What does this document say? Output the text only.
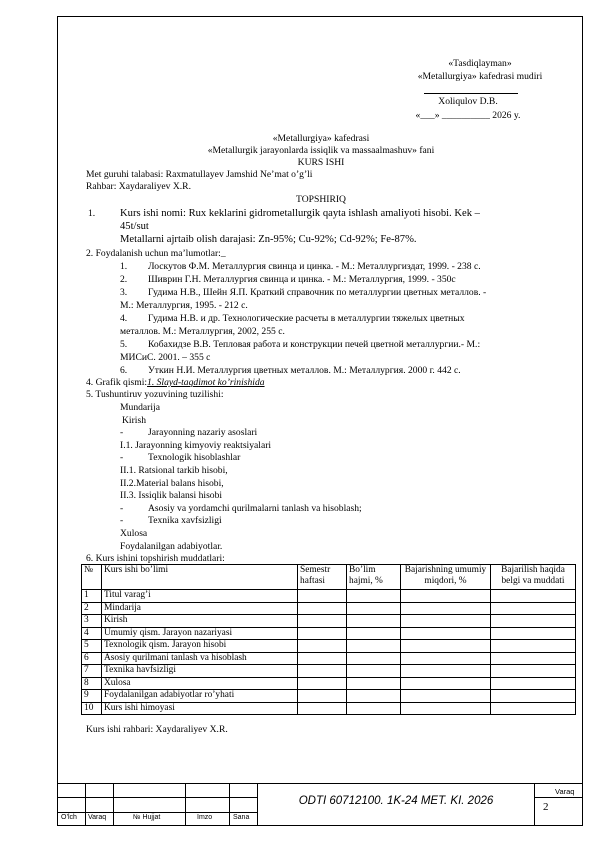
«Tasdiqlayman»
«Metallurgiya» kafedrasi mudiri
Xoliqulov D.B.
«___» __________ 2026 y.
«Metallurgiya» kafedrasi
«Metallurgik jarayonlarda issiqlik va massaalmashuv» fani
KURS ISHI
Met guruhi talabasi: Raxmatullayev Jamshid Ne’mat o’g’li
Rahbar: Xaydaraliyev X.R.
TOPSHIRIQ
1. Kurs ishi nomi: Rux keklarini gidrometallurgik qayta ishlash amaliyoti hisobi. Kek –
45t/sut
Metallarni ajrtaib olish darajasi: Zn-95%; Cu-92%; Cd-92%; Fe-87%.
2. Foydalanish uchun ma’lumotlar:_
1. Лоскутов Ф.М. Металлургия свинца и цинка. - М.: Металлургиздат, 1999. - 238 с.
2. Шиврин Г.Н. Металлургия свинца и цинка. - М.: Металлургия, 1999. - 350с
3. Гудима Н.В., Шейн Я.П. Краткий справочник по металлургии цветных металлов. -
М.: Металлургия, 1995. - 212 с.
4. Гудима Н.В. и др. Технологические расчеты в металлургии тяжелых цветных
металлов. М.: Металлургия, 2002, 255 с.
5. Кобахидзе В.В. Тепловая работа и конструкции печей цветной металлургии.- М.:
МИСиС. 2001. – 355 с
6. Уткин Н.И. Металлургия цветных металлов. М.: Металлургия. 2000 г. 442 с.
4. Grafik qismi:1. Slayd-taqdimot ko’rinishida
5. Tushuntiruv yozuvining tuzilishi:
Mundarija
Kirish
-	Jarayonning nazariy asoslari
I.1. Jarayonning kimyoviy reaktsiyalari
-	Texnologik hisoblashlar
II.1. Ratsional tarkib hisobi,
II.2.Material balans hisobi,
II.3. Issiqlik balansi hisobi
-	Asosiy va yordamchi qurilmalarni tanlash va hisoblash;
-	Texnika xavfsizligi
Xulosa
Foydalanilgan adabiyotlar.
6. Kurs ishini topshirish muddatlari:
№	Kurs ishi bo’limi	Semestr haftasi	Bo’lim hajmi, %	Bajarishning umumiy miqdori, %	Bajarilish haqida belgi va muddati
1	Titul varag’i				
2	Mindarija				
3	Kirish				
4	Umumiy qism. Jarayon nazariyasi				
5	Texnologik qism. Jarayon hisobi				
6	Asosiy qurilmani tanlash va hisoblash				
7	Texnika havfsizligi				
8	Xulosa				
9	Foydalanilgan adabiyotlar ro’yhati				
10	Kurs ishi himoyasi				
Kurs ishi rahbari: Xaydaraliyev X.R.
O’lch Varaq	№ Hujjat	Imzo	Sana
ODTI 60712100. 1K-24 MET. KI. 2026
Varaq
2
